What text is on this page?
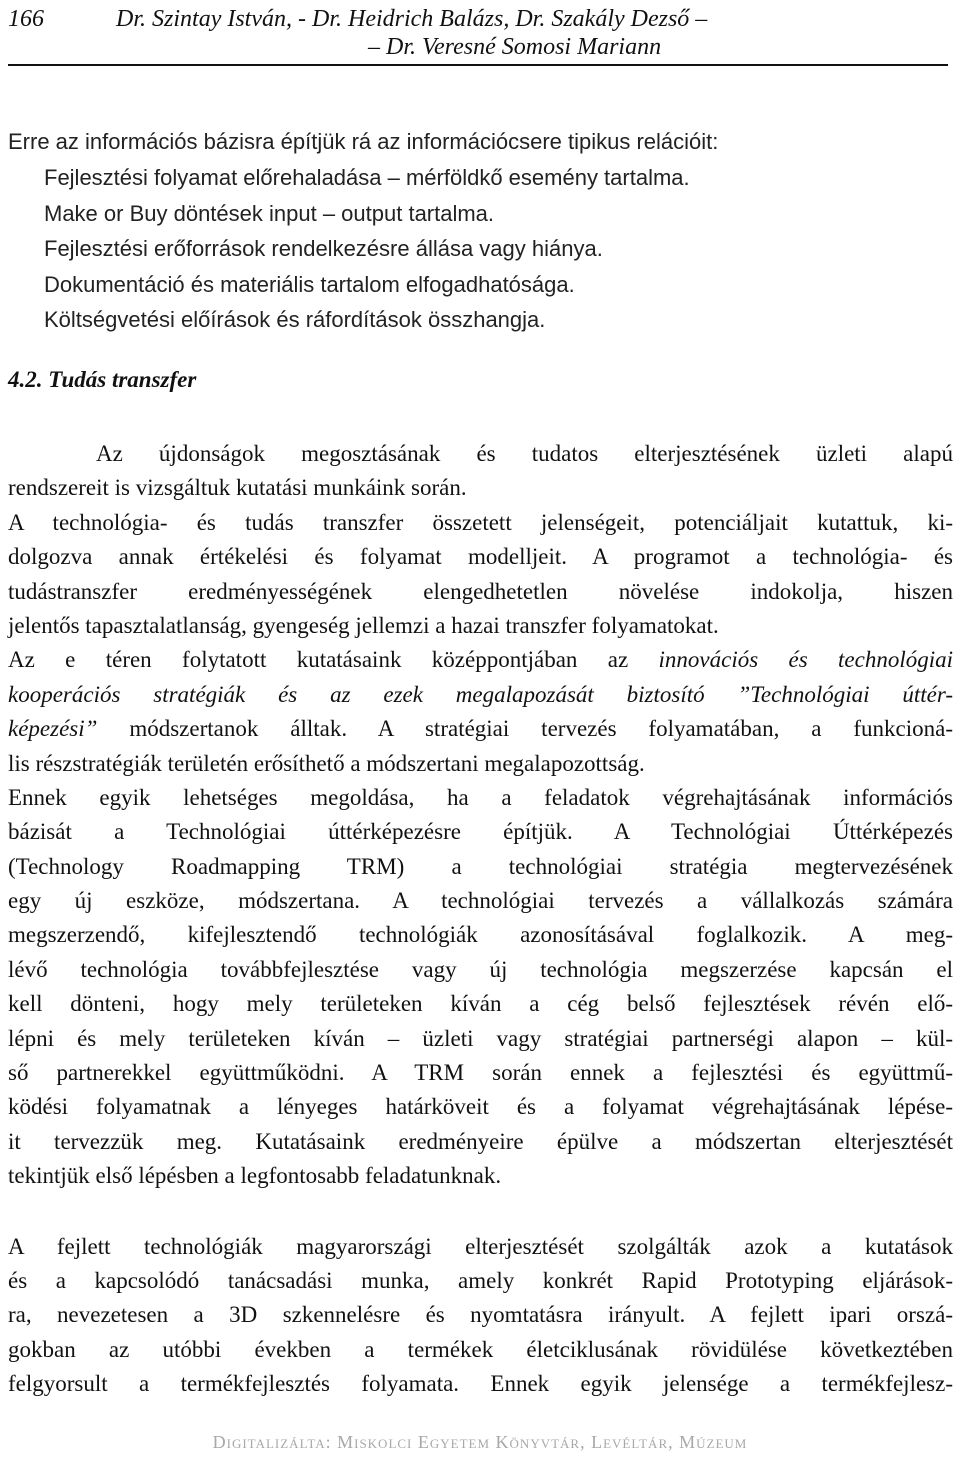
166	Dr. Szintay István, - Dr. Heidrich Balázs, Dr. Szakály Dezső –
– Dr. Veresné Somosi Mariann
Erre az információs bázisra építjük rá az információcsere tipikus relációit:
Fejlesztési folyamat előrehaladása – mérföldkő esemény tartalma.
Make or Buy döntések input – output tartalma.
Fejlesztési erőforrások rendelkezésre állása vagy hiánya.
Dokumentáció és materiális tartalom elfogadhatósága.
Költségvetési előírások és ráfordítások összhangja.
4.2. Tudás transzfer
Az újdonságok megosztásának és tudatos elterjesztésének üzleti alapú
rendszereit is vizsgáltuk kutatási munkáink során.
A technológia- és tudás transzfer összetett jelenségeit, potenciáljait kutattuk, ki-
dolgozva annak értékelési és folyamat modelljeit. A programot a technológia- és
tudástranszfer eredményességének elengedhetetlen növelése indokolja, hiszen
jelentős tapasztalatlanság, gyengeség jellemzi a hazai transzfer folyamatokat.
Az e téren folytatott kutatásaink középpontjában az innovációs és technológiai
kooperációs stratégiák és az ezek megalapozását biztosító ”Technológiai úttér-
képezési” módszertanok álltak. A stratégiai tervezés folyamatában, a funkcioná-
lis részstratégiák területén erősíthető a módszertani megalapozottság.
Ennek egyik lehetséges megoldása, ha a feladatok végrehajtásának információs
bázisát a Technológiai úttérképezésre építjük. A Technológiai Úttérképezés
(Technology Roadmapping TRM) a technológiai stratégia megtervezésének
egy új eszköze, módszertana. A technológiai tervezés a vállalkozás számára
megszerzendő, kifejlesztendő technológiák azonosításával foglalkozik. A meg-
lévő technológia továbbfejlesztése vagy új technológia megszerzése kapcsán el
kell dönteni, hogy mely területeken kíván a cég belső fejlesztések révén elő-
lépni és mely területeken kíván – üzleti vagy stratégiai partnerségi alapon – kül-
ső partnerekkel együttműködni. A TRM során ennek a fejlesztési és együttmű-
ködési folyamatnak a lényeges határköveit és a folyamat végrehajtásának lépése-
it tervezzük meg. Kutatásaink eredményeire épülve a módszertan elterjesztését
tekintjük első lépésben a legfontosabb feladatunknak.
A fejlett technológiák magyarországi elterjesztését szolgálták azok a kutatások
és a kapcsolódó tanácsadási munka, amely konkrét Rapid Prototyping eljárások-
ra, nevezetesen a 3D szkennelésre és nyomtatásra irányult. A fejlett ipari orszá-
gokban az utóbbi években a termékek életciklusának rövidülése következtében
felgyorsult a termékfejlesztés folyamata. Ennek egyik jelensége a termékfejlesz-
Digitalizálta: Miskolci Egyetem Könyvtár, Levéltár, Múzeum
